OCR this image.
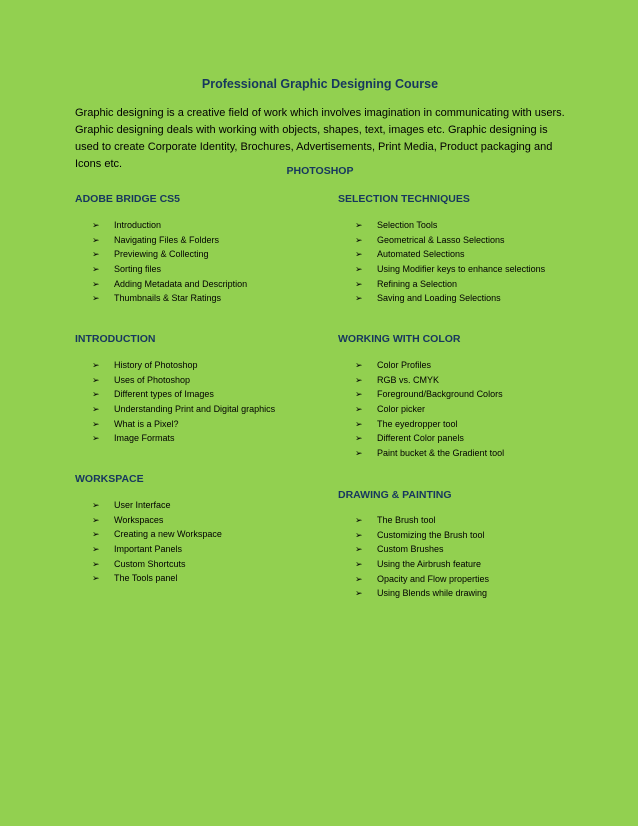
Professional Graphic Designing Course
Graphic designing is a creative field of work which involves imagination in communicating with users. Graphic designing deals with working with objects, shapes, text, images etc. Graphic designing is used to create Corporate Identity, Brochures, Advertisements, Print Media, Product packaging and Icons etc.
PHOTOSHOP
ADOBE BRIDGE CS5
➢ Introduction
➢ Navigating Files & Folders
➢ Previewing & Collecting
➢ Sorting files
➢ Adding Metadata and Description
➢ Thumbnails & Star Ratings
INTRODUCTION
➢ History of Photoshop
➢ Uses of Photoshop
➢ Different types of Images
➢ Understanding Print and Digital graphics
➢ What is a Pixel?
➢ Image Formats
WORKSPACE
➢ User Interface
➢ Workspaces
➢ Creating a new Workspace
➢ Important Panels
➢ Custom Shortcuts
➢ The Tools panel
SELECTION TECHNIQUES
➢ Selection Tools
➢ Geometrical & Lasso Selections
➢ Automated Selections
➢ Using Modifier keys to enhance selections
➢ Refining a Selection
➢ Saving and Loading Selections
WORKING WITH COLOR
➢ Color Profiles
➢ RGB vs. CMYK
➢ Foreground/Background Colors
➢ Color picker
➢ The eyedropper tool
➢ Different Color panels
➢ Paint bucket & the Gradient tool
DRAWING & PAINTING
➢ The Brush tool
➢ Customizing the Brush tool
➢ Custom Brushes
➢ Using the Airbrush feature
➢ Opacity and Flow properties
➢ Using Blends while drawing
